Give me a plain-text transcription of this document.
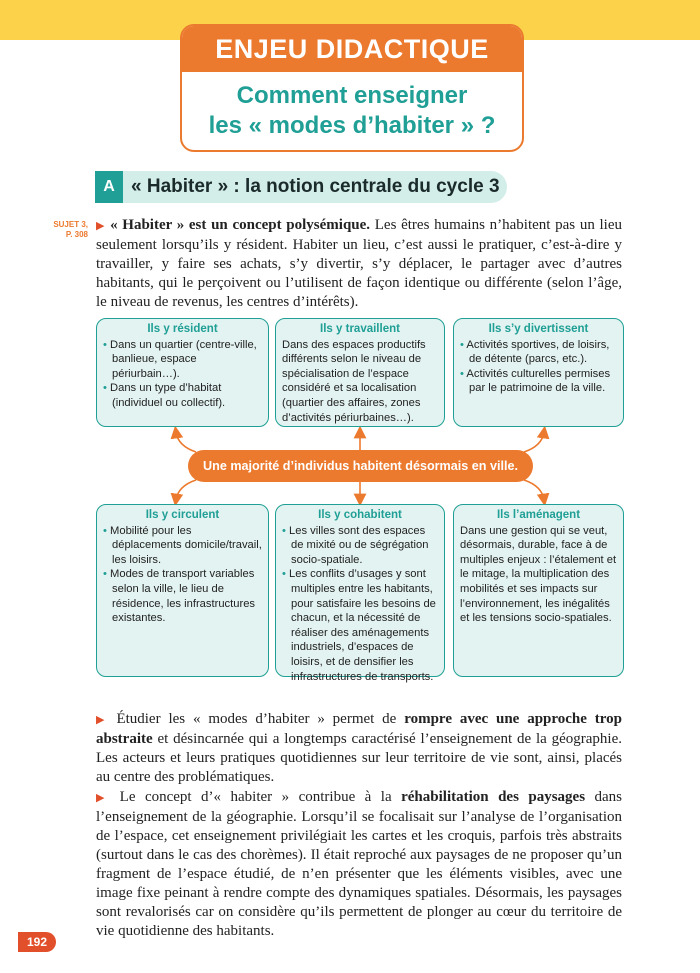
ENJEU DIDACTIQUE
Comment enseigner
les « modes d’habiter » ?
A « Habiter » : la notion centrale du cycle 3
SUJET 3,
P. 308
▶ « Habiter » est un concept polysémique. Les êtres humains n’habitent pas un lieu seulement lorsqu’ils y résident. Habiter un lieu, c’est aussi le pratiquer, c’est-à-dire y travailler, y faire ses achats, s’y divertir, s’y déplacer, le partager avec d’autres habitants, qui le perçoivent ou l’utilisent de façon identique ou différente (selon l’âge, le niveau de revenus, les centres d’intérêts).
Ils y résident
• Dans un quartier (centre-ville, banlieue, espace périurbain…).
• Dans un type d’habitat (individuel ou collectif).
Ils y travaillent
Dans des espaces productifs différents selon le niveau de spécialisation de l’espace considéré et sa localisation (quartier des affaires, zones d’activités périurbaines…).
Ils s’y divertissent
• Activités sportives, de loisirs, de détente (parcs, etc.).
• Activités culturelles permises par le patrimoine de la ville.
Une majorité d’individus habitent désormais en ville.
Ils y circulent
• Mobilité pour les déplacements domicile/travail, les loisirs.
• Modes de transport variables selon la ville, le lieu de résidence, les infrastructures existantes.
Ils y cohabitent
• Les villes sont des espaces de mixité ou de ségrégation socio-spatiale.
• Les conflits d’usages y sont multiples entre les habitants, pour satisfaire les besoins de chacun, et la nécessité de réaliser des aménagements industriels, d’espaces de loisirs, et de densifier les infrastructures de transports.
Ils l’aménagent
Dans une gestion qui se veut, désormais, durable, face à de multiples enjeux : l’étalement et le mitage, la multiplication des mobilités et ses impacts sur l’environnement, les inégalités et les tensions socio-spatiales.
▶ Étudier les « modes d’habiter » permet de rompre avec une approche trop abstraite et désincarnée qui a longtemps caractérisé l’enseignement de la géographie. Les acteurs et leurs pratiques quotidiennes sur leur territoire de vie sont, ainsi, placés au centre des problématiques.
▶ Le concept d’« habiter » contribue à la réhabilitation des paysages dans l’enseignement de la géographie. Lorsqu’il se focalisait sur l’analyse de l’organisation de l’espace, cet enseignement privilégiait les cartes et les croquis, parfois très abstraits (surtout dans le cas des chorèmes). Il était reproché aux paysages de ne proposer qu’un fragment de l’espace étudié, de n’en présenter que les éléments visibles, avec une image fixe peinant à rendre compte des dynamiques spatiales. Désormais, les paysages sont revalorisés car on considère qu’ils permettent de plonger au cœur du territoire de vie quotidienne des habitants.
192
